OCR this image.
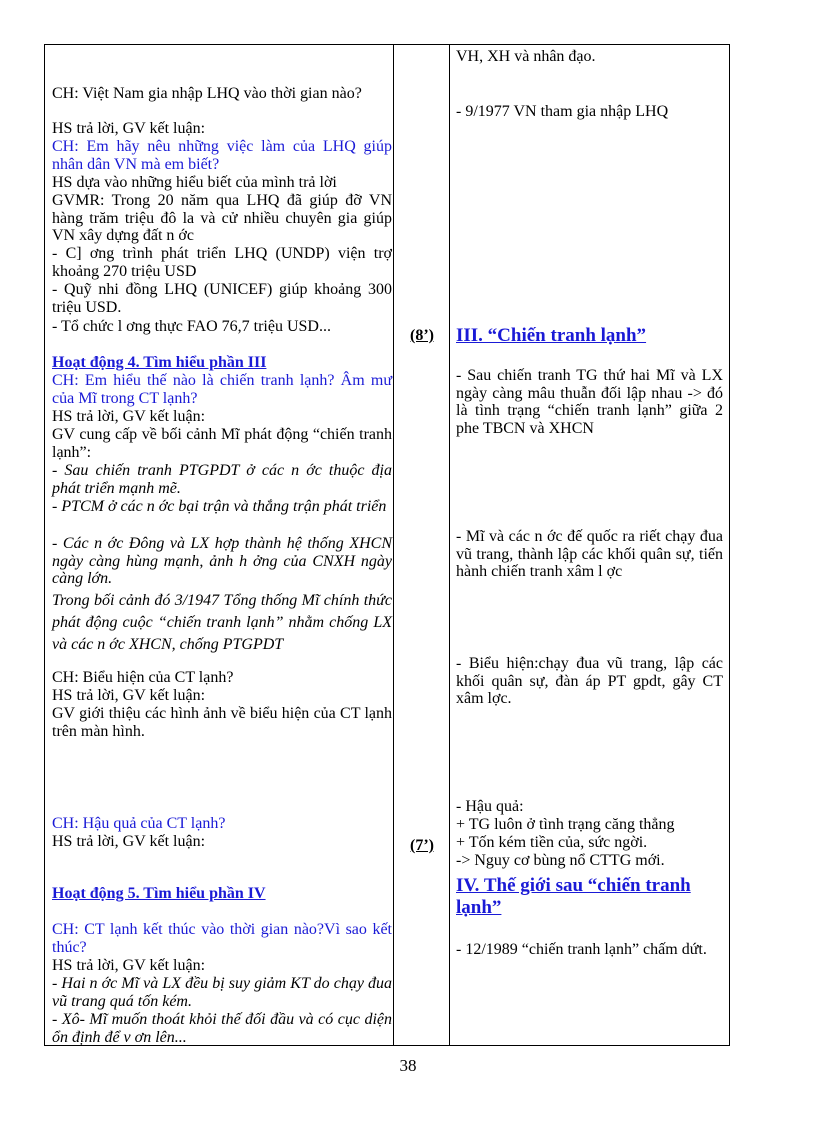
CH: Việt Nam gia nhập LHQ vào thời gian nào?

HS trả lời, GV kết luận:

CH: Em hãy nêu những việc làm của LHQ giúp nhân dân VN mà em biết?

HS dựa vào những hiểu biết của mình trả lời

GVMR: Trong 20 năm qua LHQ đã giúp đỡ VN hàng trăm triệu đô la và cử nhiều chuyên gia giúp VN xây dựng đất n ớc

- C] ơng trình phát triển LHQ (UNDP) viện trợ khoảng 270 triệu USD

- Quỹ nhi đồng LHQ (UNICEF) giúp khoảng 300 triệu USD.

- Tổ chức l ơng thực FAO 76,7 triệu USD...

Hoạt động 4. Tìm hiểu phần III

CH: Em hiểu thế nào là chiến tranh lạnh? Âm mư của Mĩ trong CT lạnh?

HS trả lời, GV kết luận:

GV cung cấp về bối cảnh Mĩ phát động “chiến tranh lạnh”:

- Sau chiến tranh PTGPDT ở các n ớc thuộc địa phát triển mạnh mẽ.

- PTCM ở các n ớc bại trận và thắng trận phát triển

- Các n ớc Đông và LX hợp thành hệ thống XHCN ngày càng hùng mạnh, ảnh h ởng của CNXH ngày càng lớn.

Trong bối cảnh đó 3/1947 Tổng thống Mĩ chính thức phát động cuộc “chiến tranh lạnh” nhằm chống LX và các n ớc XHCN, chống PTGPDT

CH: Biểu hiện của CT lạnh?

HS trả lời, GV kết luận:

GV giới thiệu các hình ảnh về biểu hiện của CT lạnh trên màn hình.

CH: Hậu quả của CT lạnh?

HS trả lời, GV kết luận:

Hoạt động 5. Tìm hiểu phần IV

CH: CT lạnh kết thúc vào thời gian nào?Vì sao kết thúc?

HS trả lời, GV kết luận:

- Hai n ớc Mĩ và LX đều bị suy giảm KT do chạy đua vũ trang quá tốn kém.

- Xô- Mĩ muốn thoát khỏi thế đối đầu và có cục diện ổn định để v ơn lên...

(8’)
(7’)

VH, XH và nhân đạo.

- 9/1977 VN tham gia nhập LHQ

III. “Chiến tranh lạnh”

- Sau chiến tranh TG thứ hai Mĩ và LX ngày càng mâu thuẫn đối lập nhau -> đó là tình trạng “chiến tranh lạnh” giữa 2 phe TBCN và XHCN

- Mĩ và các n ớc đế quốc ra riết chạy đua vũ trang, thành lập các khối quân sự, tiến hành chiến tranh xâm l ợc

- Biểu hiện:chạy đua vũ trang, lập các khối quân sự, đàn áp PT gpdt, gây CT xâm lợc.

- Hậu quả:

+ TG luôn ở tình trạng căng thẳng

+ Tốn kém tiền của, sức ngời.

-> Nguy cơ bùng nổ CTTG mới.

IV. Thế giới sau “chiến tranh lạnh”

- 12/1989 “chiến tranh lạnh” chấm dứt.

38
